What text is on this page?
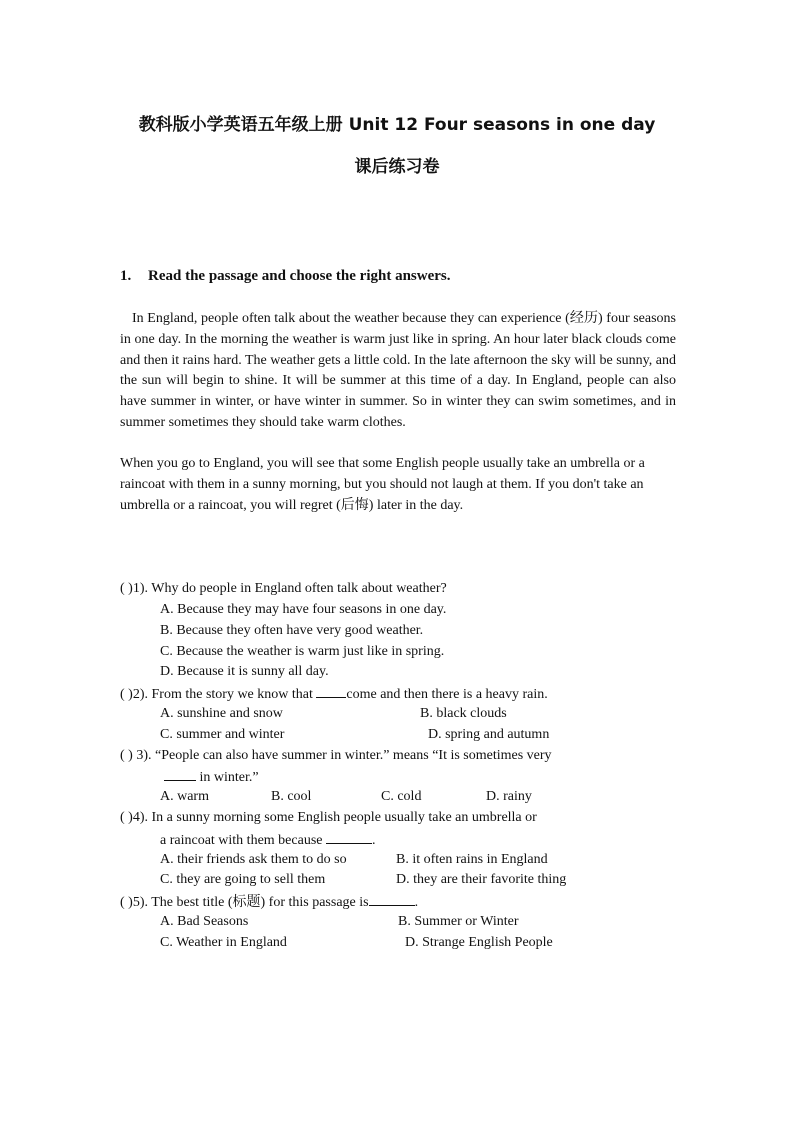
教科版小学英语五年级上册 Unit 12 Four seasons in one day
课后练习卷
1. Read the passage and choose the right answers.
In England, people often talk about the weather because they can experience (经历) four seasons in one day. In the morning the weather is warm just like in spring. An hour later black clouds come and then it rains hard. The weather gets a little cold. In the late afternoon the sky will be sunny, and the sun will begin to shine. It will be summer at this time of a day. In England, people can also have summer in winter, or have winter in summer. So in winter they can swim sometimes, and in summer sometimes they should take warm clothes.
When you go to England, you will see that some English people usually take an umbrella or a raincoat with them in a sunny morning, but you should not laugh at them. If you don't take an umbrella or a raincoat, you will regret (后悔) later in the day.
( )1). Why do people in England often talk about weather?
A. Because they may have four seasons in one day.
B. Because they often have very good weather.
C. Because the weather is warm just like in spring.
D. Because it is sunny all day.
( )2). From the story we know that come and then there is a heavy rain.
A. sunshine and snow	B. black clouds
C. summer and winter	D. spring and autumn
( ) 3). “People can also have summer in winter.” means “It is sometimes very
in winter.”
A. warm	B. cool	C. cold	D. rainy
( )4). In a sunny morning some English people usually take an umbrella or
a raincoat with them because	.
A. their friends ask them to do so	B. it often rains in England
C. they are going to sell them	D. they are their favorite thing
( )5). The best title (标题) for this passage is	.
A. Bad Seasons	B. Summer or Winter
C. Weather in England	D. Strange English People
